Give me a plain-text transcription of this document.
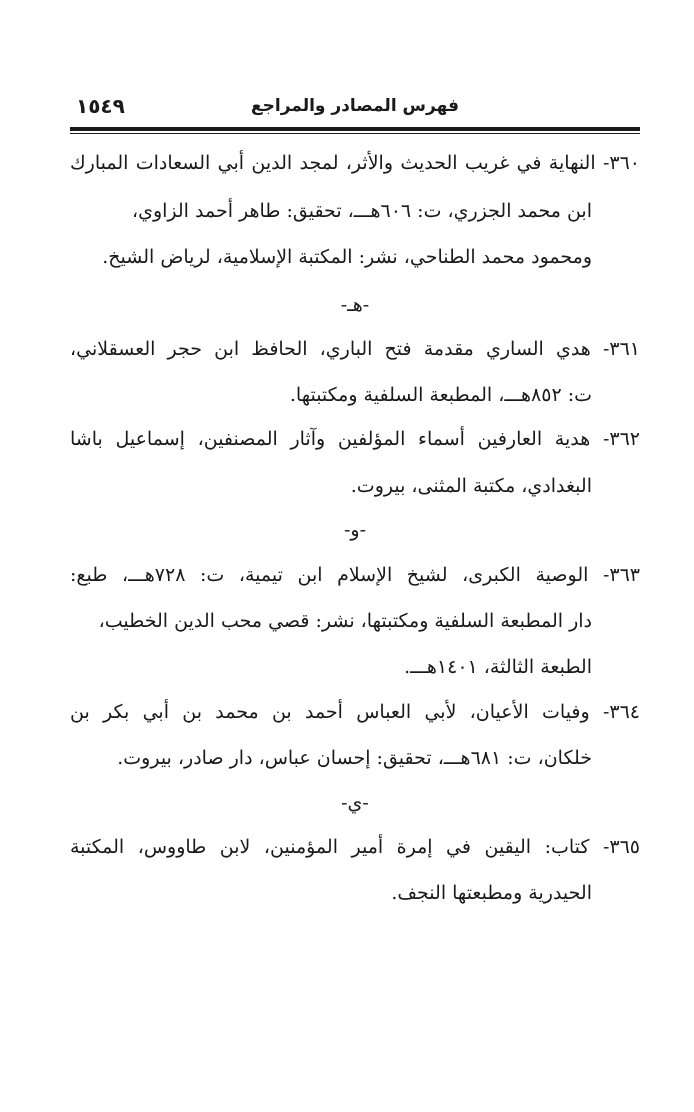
فهرس المصادر والمراجع
١٥٤٩
٣٦٠- النهاية في غريب الحديث والأثر، لمجد الدين أبي السعادات المبارك
ابن محمد الجزري، ت: ٦٠٦هـــ، تحقيق: طاهر أحمد الزاوي،
ومحمود محمد الطناحي، نشر: المكتبة الإسلامية، لرياض الشيخ.
-هـ-
٣٦١- هدي الساري مقدمة فتح الباري، الحافظ ابن حجر العسقلاني،
ت: ٨٥٢هـــ، المطبعة السلفية ومكتبتها.
٣٦٢- هدية العارفين أسماء المؤلفين وآثار المصنفين، إسماعيل باشا
البغدادي، مكتبة المثنى، بيروت.
-و-
٣٦٣- الوصية الكبرى، لشيخ الإسلام ابن تيمية، ت: ٧٢٨هـــ، طبع:
دار المطبعة السلفية ومكتبتها، نشر: قصي محب الدين الخطيب،
الطبعة الثالثة، ١٤٠١هـــ.
٣٦٤- وفيات الأعيان، لأبي العباس أحمد بن محمد بن أبي بكر بن
خلكان، ت: ٦٨١هـــ، تحقيق: إحسان عباس، دار صادر، بيروت.
-ي-
٣٦٥- كتاب: اليقين في إمرة أمير المؤمنين، لابن طاووس، المكتبة
الحيدرية ومطبعتها النجف.
